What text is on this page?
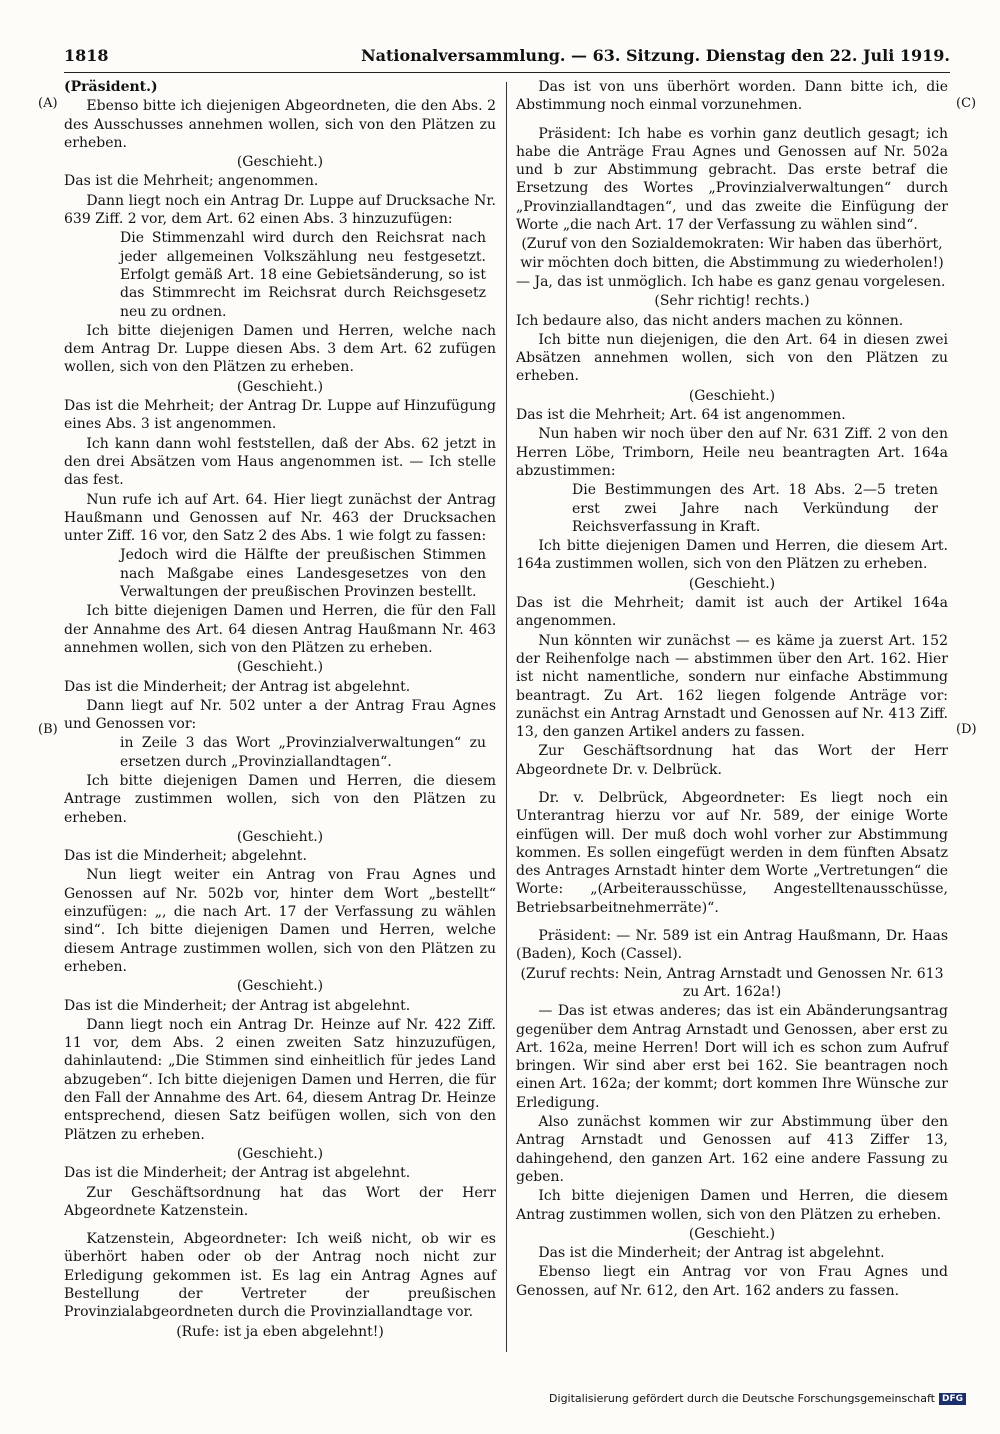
1818	Nationalversammlung. — 63. Sitzung. Dienstag den 22. Juli 1919.
(A)
(B)
(C)
(D)

(Präsident.)

Ebenso bitte ich diejenigen Abgeordneten, die den Abs. 2 des Ausschusses annehmen wollen, sich von den Plätzen zu erheben.

(Geschieht.)

Das ist die Mehrheit; angenommen.

Dann liegt noch ein Antrag Dr. Luppe auf Drucksache Nr. 639 Ziff. 2 vor, dem Art. 62 einen Abs. 3 hinzuzufügen:

Die Stimmenzahl wird durch den Reichsrat nach jeder allgemeinen Volkszählung neu festgesetzt. Erfolgt gemäß Art. 18 eine Gebietsänderung, so ist das Stimmrecht im Reichsrat durch Reichsgesetz neu zu ordnen.

Ich bitte diejenigen Damen und Herren, welche nach dem Antrag Dr. Luppe diesen Abs. 3 dem Art. 62 zufügen wollen, sich von den Plätzen zu erheben.

(Geschieht.)

Das ist die Mehrheit; der Antrag Dr. Luppe auf Hinzufügung eines Abs. 3 ist angenommen.

Ich kann dann wohl feststellen, daß der Abs. 62 jetzt in den drei Absätzen vom Haus angenommen ist. — Ich stelle das fest.

Nun rufe ich auf Art. 64. Hier liegt zunächst der Antrag Haußmann und Genossen auf Nr. 463 der Drucksachen unter Ziff. 16 vor, den Satz 2 des Abs. 1 wie folgt zu fassen:

Jedoch wird die Hälfte der preußischen Stimmen nach Maßgabe eines Landesgesetzes von den Verwaltungen der preußischen Provinzen bestellt.

Ich bitte diejenigen Damen und Herren, die für den Fall der Annahme des Art. 64 diesen Antrag Haußmann Nr. 463 annehmen wollen, sich von den Plätzen zu erheben.

(Geschieht.)

Das ist die Minderheit; der Antrag ist abgelehnt.

Dann liegt auf Nr. 502 unter a der Antrag Frau Agnes und Genossen vor:

in Zeile 3 das Wort „Provinzialverwaltungen“ zu ersetzen durch „Provinziallandtagen“.

Ich bitte diejenigen Damen und Herren, die diesem Antrage zustimmen wollen, sich von den Plätzen zu erheben.

(Geschieht.)

Das ist die Minderheit; abgelehnt.

Nun liegt weiter ein Antrag von Frau Agnes und Genossen auf Nr. 502b vor, hinter dem Wort „bestellt“ einzufügen: „, die nach Art. 17 der Verfassung zu wählen sind“. Ich bitte diejenigen Damen und Herren, welche diesem Antrage zustimmen wollen, sich von den Plätzen zu erheben.

(Geschieht.)

Das ist die Minderheit; der Antrag ist abgelehnt.

Dann liegt noch ein Antrag Dr. Heinze auf Nr. 422 Ziff. 11 vor, dem Abs. 2 einen zweiten Satz hinzuzufügen, dahinlautend: „Die Stimmen sind einheitlich für jedes Land abzugeben“. Ich bitte diejenigen Damen und Herren, die für den Fall der Annahme des Art. 64, diesem Antrag Dr. Heinze entsprechend, diesen Satz beifügen wollen, sich von den Plätzen zu erheben.

(Geschieht.)

Das ist die Minderheit; der Antrag ist abgelehnt.

Zur Geschäftsordnung hat das Wort der Herr Abgeordnete Katzenstein.

Katzenstein, Abgeordneter: Ich weiß nicht, ob wir es überhört haben oder ob der Antrag noch nicht zur Erledigung gekommen ist. Es lag ein Antrag Agnes auf Bestellung der Vertreter der preußischen Provinzialabgeordneten durch die Provinziallandtage vor.

(Rufe: ist ja eben abgelehnt!)

Das ist von uns überhört worden. Dann bitte ich, die Abstimmung noch einmal vorzunehmen.

Präsident: Ich habe es vorhin ganz deutlich gesagt; ich habe die Anträge Frau Agnes und Genossen auf Nr. 502a und b zur Abstimmung gebracht. Das erste betraf die Ersetzung des Wortes „Provinzialverwaltungen“ durch „Provinziallandtagen“, und das zweite die Einfügung der Worte „die nach Art. 17 der Verfassung zu wählen sind“.

(Zuruf von den Sozialdemokraten: Wir haben das überhört, wir möchten doch bitten, die Abstimmung zu wiederholen!)

— Ja, das ist unmöglich. Ich habe es ganz genau vorgelesen.

(Sehr richtig! rechts.)

Ich bedaure also, das nicht anders machen zu können.

Ich bitte nun diejenigen, die den Art. 64 in diesen zwei Absätzen annehmen wollen, sich von den Plätzen zu erheben.

(Geschieht.)

Das ist die Mehrheit; Art. 64 ist angenommen.

Nun haben wir noch über den auf Nr. 631 Ziff. 2 von den Herren Löbe, Trimborn, Heile neu beantragten Art. 164a abzustimmen:

Die Bestimmungen des Art. 18 Abs. 2—5 treten erst zwei Jahre nach Verkündung der Reichsverfassung in Kraft.

Ich bitte diejenigen Damen und Herren, die diesem Art. 164a zustimmen wollen, sich von den Plätzen zu erheben.

(Geschieht.)

Das ist die Mehrheit; damit ist auch der Artikel 164a angenommen.

Nun könnten wir zunächst — es käme ja zuerst Art. 152 der Reihenfolge nach — abstimmen über den Art. 162. Hier ist nicht namentliche, sondern nur einfache Abstimmung beantragt. Zu Art. 162 liegen folgende Anträge vor: zunächst ein Antrag Arnstadt und Genossen auf Nr. 413 Ziff. 13, den ganzen Artikel anders zu fassen.

Zur Geschäftsordnung hat das Wort der Herr Abgeordnete Dr. v. Delbrück.

Dr. v. Delbrück, Abgeordneter: Es liegt noch ein Unterantrag hierzu vor auf Nr. 589, der einige Worte einfügen will. Der muß doch wohl vorher zur Abstimmung kommen. Es sollen eingefügt werden in dem fünften Absatz des Antrages Arnstadt hinter dem Worte „Vertretungen“ die Worte: „(Arbeiterausschüsse, Angestelltenausschüsse, Betriebsarbeitnehmerräte)“.

Präsident: — Nr. 589 ist ein Antrag Haußmann, Dr. Haas (Baden), Koch (Cassel).

(Zuruf rechts: Nein, Antrag Arnstadt und Genossen Nr. 613 zu Art. 162a!)

— Das ist etwas anderes; das ist ein Abänderungsantrag gegenüber dem Antrag Arnstadt und Genossen, aber erst zu Art. 162a, meine Herren! Dort will ich es schon zum Aufruf bringen. Wir sind aber erst bei 162. Sie beantragen noch einen Art. 162a; der kommt; dort kommen Ihre Wünsche zur Erledigung.

Also zunächst kommen wir zur Abstimmung über den Antrag Arnstadt und Genossen auf 413 Ziffer 13, dahingehend, den ganzen Art. 162 eine andere Fassung zu geben.

Ich bitte diejenigen Damen und Herren, die diesem Antrag zustimmen wollen, sich von den Plätzen zu erheben.

(Geschieht.)

Das ist die Minderheit; der Antrag ist abgelehnt.

Ebenso liegt ein Antrag vor von Frau Agnes und Genossen, auf Nr. 612, den Art. 162 anders zu fassen.

Digitalisierung gefördert durch die Deutsche Forschungsgemeinschaft DFG
